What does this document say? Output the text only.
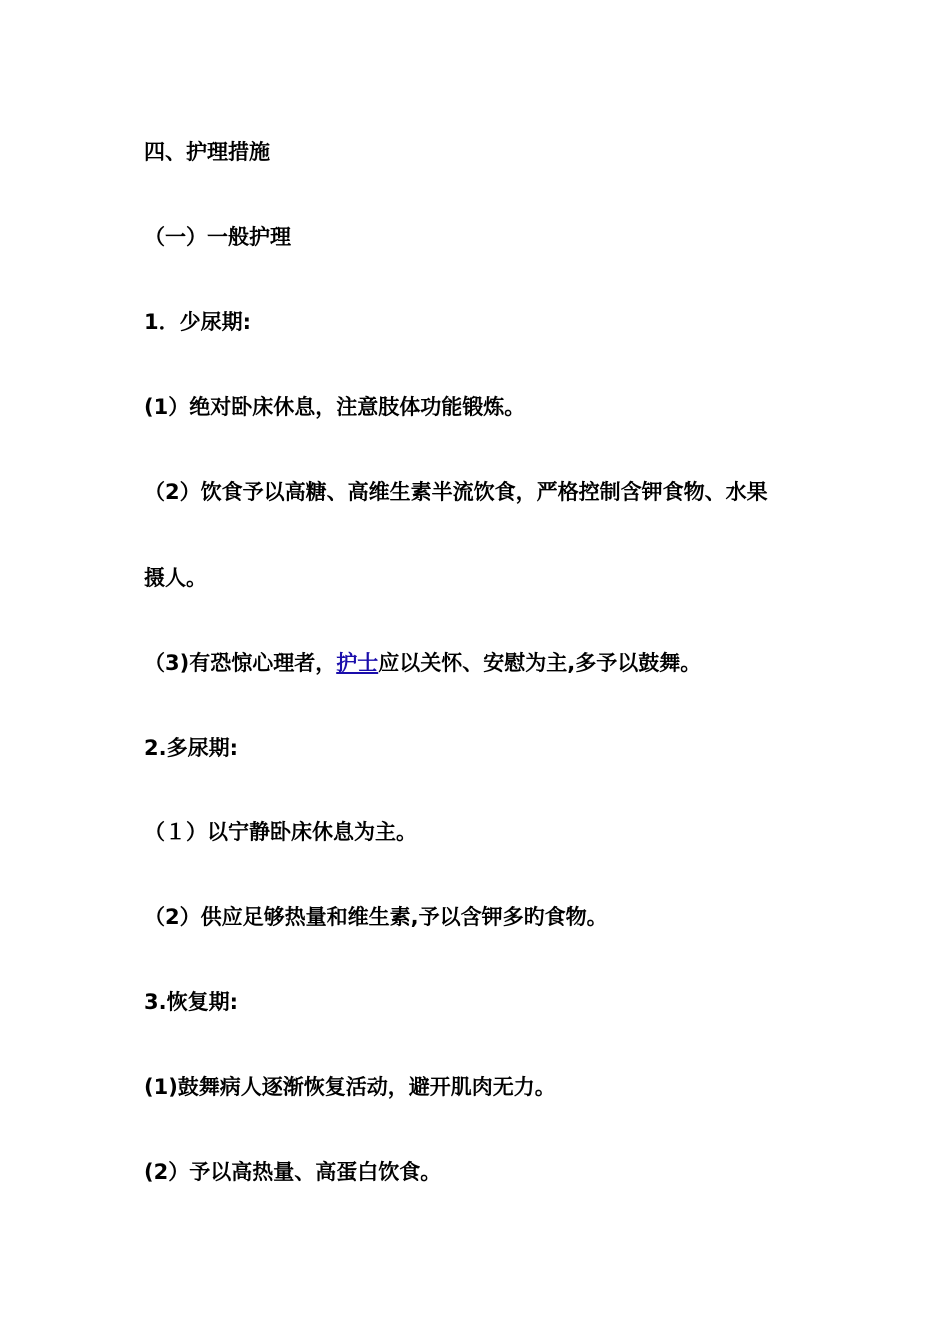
四、护理措施
（一）一般护理
1．少尿期:
(1）绝对卧床休息，注意肢体功能锻炼。
（2）饮食予以高糖、高维生素半流饮食，严格控制含钾食物、水果
摄人。
（3)有恐惊心理者，护士应以关怀、安慰为主,多予以鼓舞。
2.多尿期:
（１）以宁静卧床休息为主。
（2）供应足够热量和维生素,予以含钾多旳食物。
3.恢复期:
(1)鼓舞病人逐渐恢复活动，避开肌肉无力。
(2）予以高热量、高蛋白饮食。
